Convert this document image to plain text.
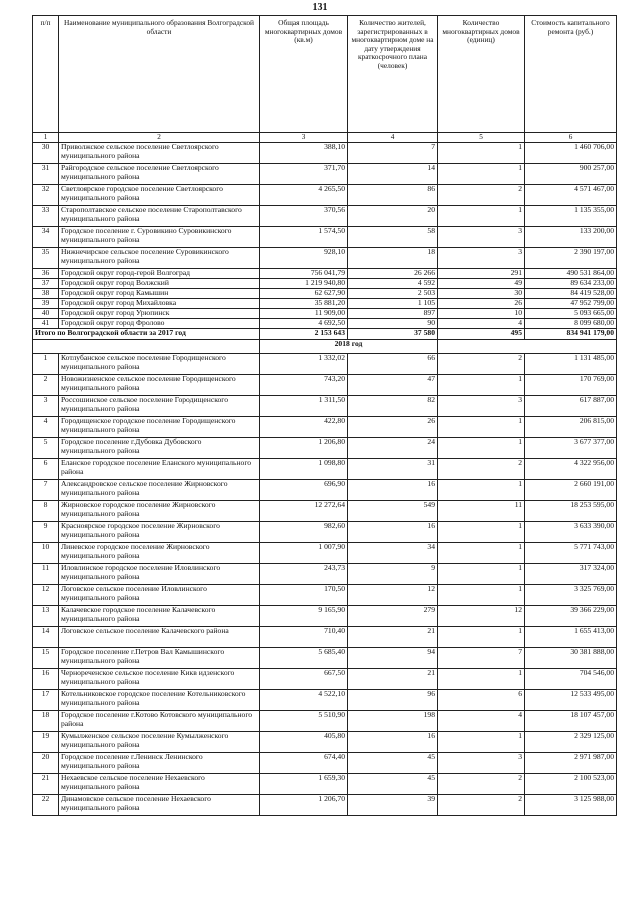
131
п/п	Наименование муниципального образования Волгоградской области	Общая площадь многоквартирных домов (кв.м)	Количество жителей, зарегистрированных в многоквартирном доме на дату утверждения краткосрочного плана (человек)	Количество многоквартирных домов (единиц)	Стоимость капитального ремонта (руб.)
1	2	3	4	5	6
30	Приволжское сельское поселение Светлоярского муниципального района	388,10	7	1	1 460 706,00
31	Райгородское сельское поселение Светлоярского муниципального района	371,70	14	1	900 257,00
32	Светлоярское городское поселение Светлоярского муниципального района	4 265,50	86	2	4 571 467,00
33	Старополтавское сельское поселение Старополтавского муниципального района	370,56	20	1	1 135 355,00
34	Городское поселение г. Суровикино Суровикинского муниципального района	1 574,50	58	3	133 200,00
35	Нижнечирское сельское поселение Суровикинского муниципального района	928,10	18	3	2 390 197,00
36	Городской округ город-герой Волгоград	756 041,79	26 266	291	490 531 864,00
37	Городской округ город Волжский	1 219 940,80	4 592	49	89 634 233,00
38	Городской округ город Камышин	62 627,90	2 503	30	84 419 528,00
39	Городской округ город Михайловка	35 881,20	1 105	26	47 952 799,00
40	Городской округ город Урюпинск	11 909,00	897	10	5 093 665,00
41	Городской округ город Фролово	4 692,50	90	4	8 099 680,00
Итого по Волгоградской области за 2017 год		2 153 643	37 580	495	834 941 179,00
		2018 год			
1	Котлубанское сельское поселение Городищенского муниципального района	1 332,02	66	2	1 131 485,00
2	Новожизненское сельское поселение Городищенского муниципального района	743,20	47	1	170 769,00
3	Россошинское сельское поселение Городищенского муниципального района	1 311,50	82	3	617 887,00
4	Городищенское городское поселение Городищенского муниципального района	422,80	26	1	206 815,00
5	Городское поселение г.Дубовка Дубовского муниципального района	1 206,80	24	1	3 677 377,00
6	Еланское городское поселение Еланского муниципального района	1 098,80	31	2	4 322 956,00
7	Александровское сельское поселение Жирновского муниципального района	696,90	16	1	2 660 191,00
8	Жирновское городское поселение Жирновского муниципального района	12 272,64	549	11	18 253 595,00
9	Красноярское городское поселение Жирновского муниципального района	982,60	16	1	3 633 390,00
10	Линевское городское поселение Жирновского муниципального района	1 007,90	34	1	5 771 743,00
11	Иловлинское городское поселение Иловлинского муниципального района	243,73	9	1	317 324,00
12	Логовское сельское поселение Иловлинского муниципального района	170,50	12	1	3 325 769,00
13	Калачевское городское поселение Калачевского муниципального района	9 165,90	279	12	39 366 229,00
14	Логовское сельское поселение Калачевского района	710,40	21	1	1 655 413,00
15	Городское поселение г.Петров Вал Камышинского муниципального района	5 685,40	94	7	30 381 888,00
16	Чернореченское сельское поселение Кикв идзенского муниципального района	667,50	21	1	704 546,00
17	Котельниковское городское поселение Котельниковского муниципального района	4 522,10	96	6	12 533 495,00
18	Городское поселение г.Котово Котовского муниципального района	5 510,90	198	4	18 107 457,00
19	Кумылженское сельское поселение Кумылженского муниципального района	405,80	16	1	2 329 125,00
20	Городское поселение г.Ленинск Ленинского муниципального района	674,40	45	3	2 971 987,00
21	Нехаевское сельское поселение Нехаевского муниципального района	1 659,30	45	2	2 100 523,00
22	Динамовское сельское поселение Нехаевского муниципального района	1 206,70	39	2	3 125 988,00
